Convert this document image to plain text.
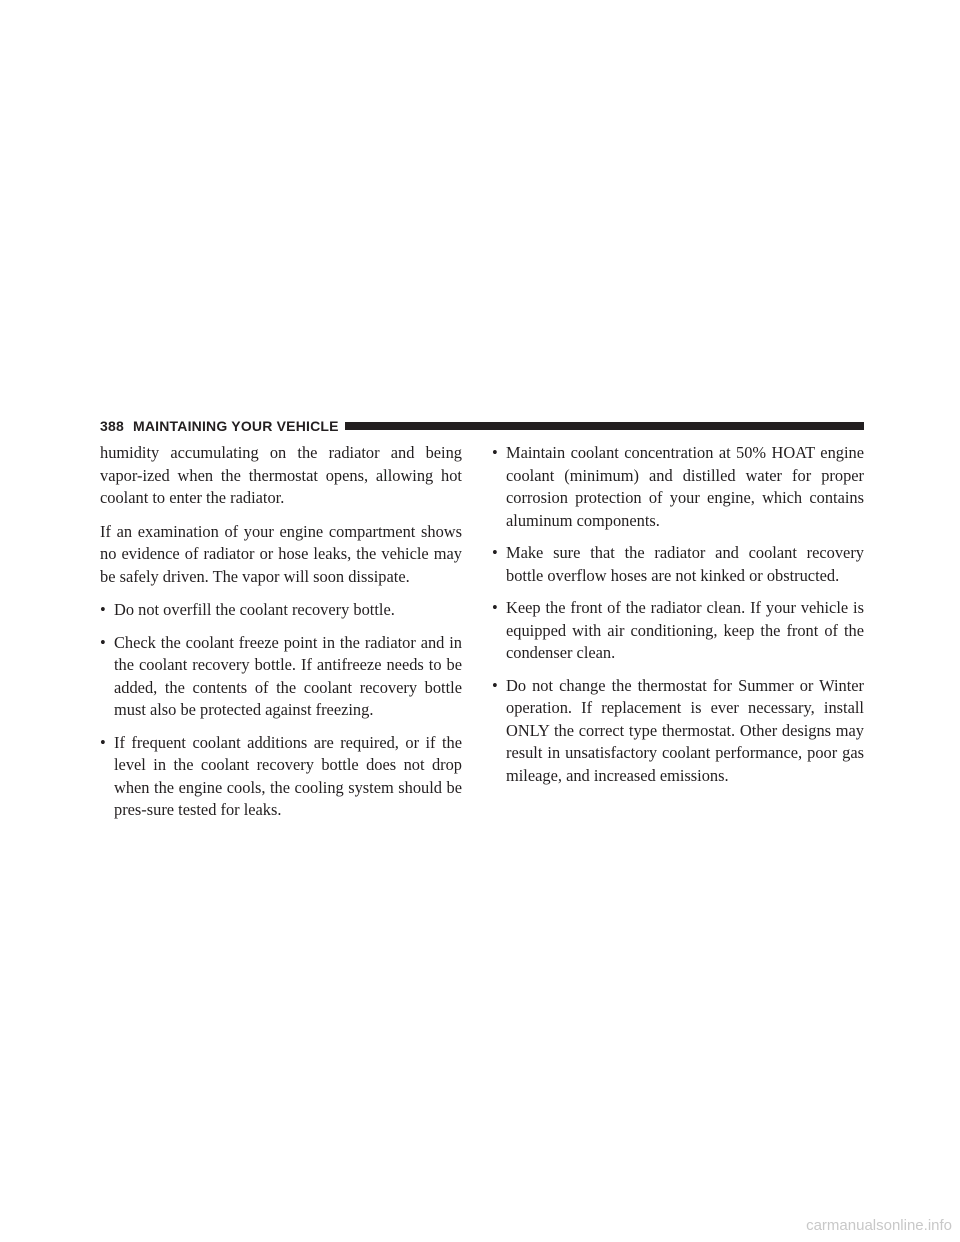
388 MAINTAINING YOUR VEHICLE

humidity accumulating on the radiator and being vapor-ized when the thermostat opens, allowing hot coolant to enter the radiator.

If an examination of your engine compartment shows no evidence of radiator or hose leaks, the vehicle may be safely driven. The vapor will soon dissipate.

• Do not overfill the coolant recovery bottle.
• Check the coolant freeze point in the radiator and in the coolant recovery bottle. If antifreeze needs to be added, the contents of the coolant recovery bottle must also be protected against freezing.
• If frequent coolant additions are required, or if the level in the coolant recovery bottle does not drop when the engine cools, the cooling system should be pres-sure tested for leaks.
• Maintain coolant concentration at 50% HOAT engine coolant (minimum) and distilled water for proper corrosion protection of your engine, which contains aluminum components.
• Make sure that the radiator and coolant recovery bottle overflow hoses are not kinked or obstructed.
• Keep the front of the radiator clean. If your vehicle is equipped with air conditioning, keep the front of the condenser clean.
• Do not change the thermostat for Summer or Winter operation. If replacement is ever necessary, install ONLY the correct type thermostat. Other designs may result in unsatisfactory coolant performance, poor gas mileage, and increased emissions.
carmanualsonline.info
